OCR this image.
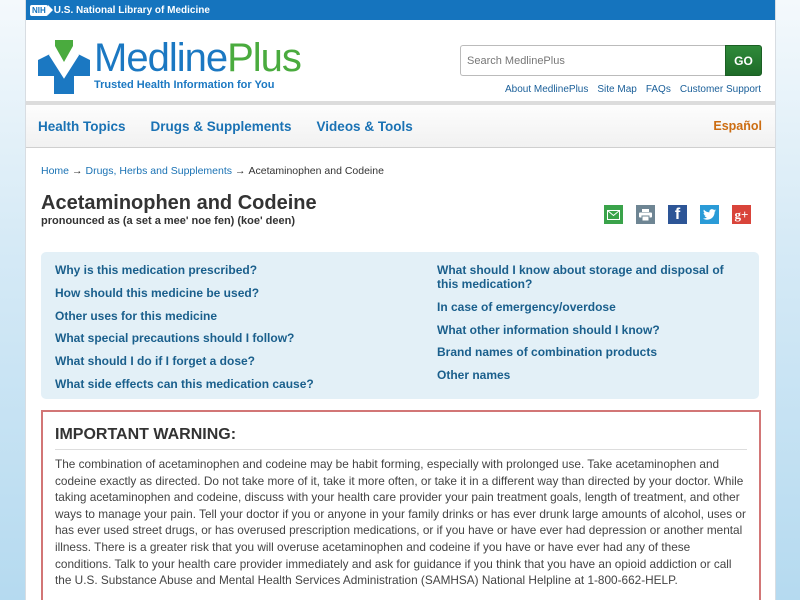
NIH U.S. National Library of Medicine
MedlinePlus
Trusted Health Information for You
Search MedlinePlus
GO
About MedlinePlus Site Map FAQs Customer Support
Health Topics Drugs & Supplements Videos & Tools	Español
Home → Drugs, Herbs and Supplements → Acetaminophen and Codeine
Acetaminophen and Codeine
pronounced as (a set a mee' noe fen) (koe' deen)	f	g+
Why is this medication prescribed?
How should this medicine be used?
Other uses for this medicine
What special precautions should I follow?
What should I do if I forget a dose?
What side effects can this medication cause?
What should I know about storage and disposal of this medication?
In case of emergency/overdose
What other information should I know?
Brand names of combination products
Other names
IMPORTANT WARNING:

The combination of acetaminophen and codeine may be habit forming, especially with prolonged use. Take acetaminophen and codeine exactly as directed. Do not take more of it, take it more often, or take it in a different way than directed by your doctor. While taking acetaminophen and codeine, discuss with your health care provider your pain treatment goals, length of treatment, and other ways to manage your pain. Tell your doctor if you or anyone in your family drinks or has ever drunk large amounts of alcohol, uses or has ever used street drugs, or has overused prescription medications, or if you have or have ever had depression or another mental illness. There is a greater risk that you will overuse acetaminophen and codeine if you have or have ever had any of these conditions. Talk to your health care provider immediately and ask for guidance if you think that you have an opioid addiction or call the U.S. Substance Abuse and Mental Health Services Administration (SAMHSA) National Helpline at 1-800-662-HELP.
